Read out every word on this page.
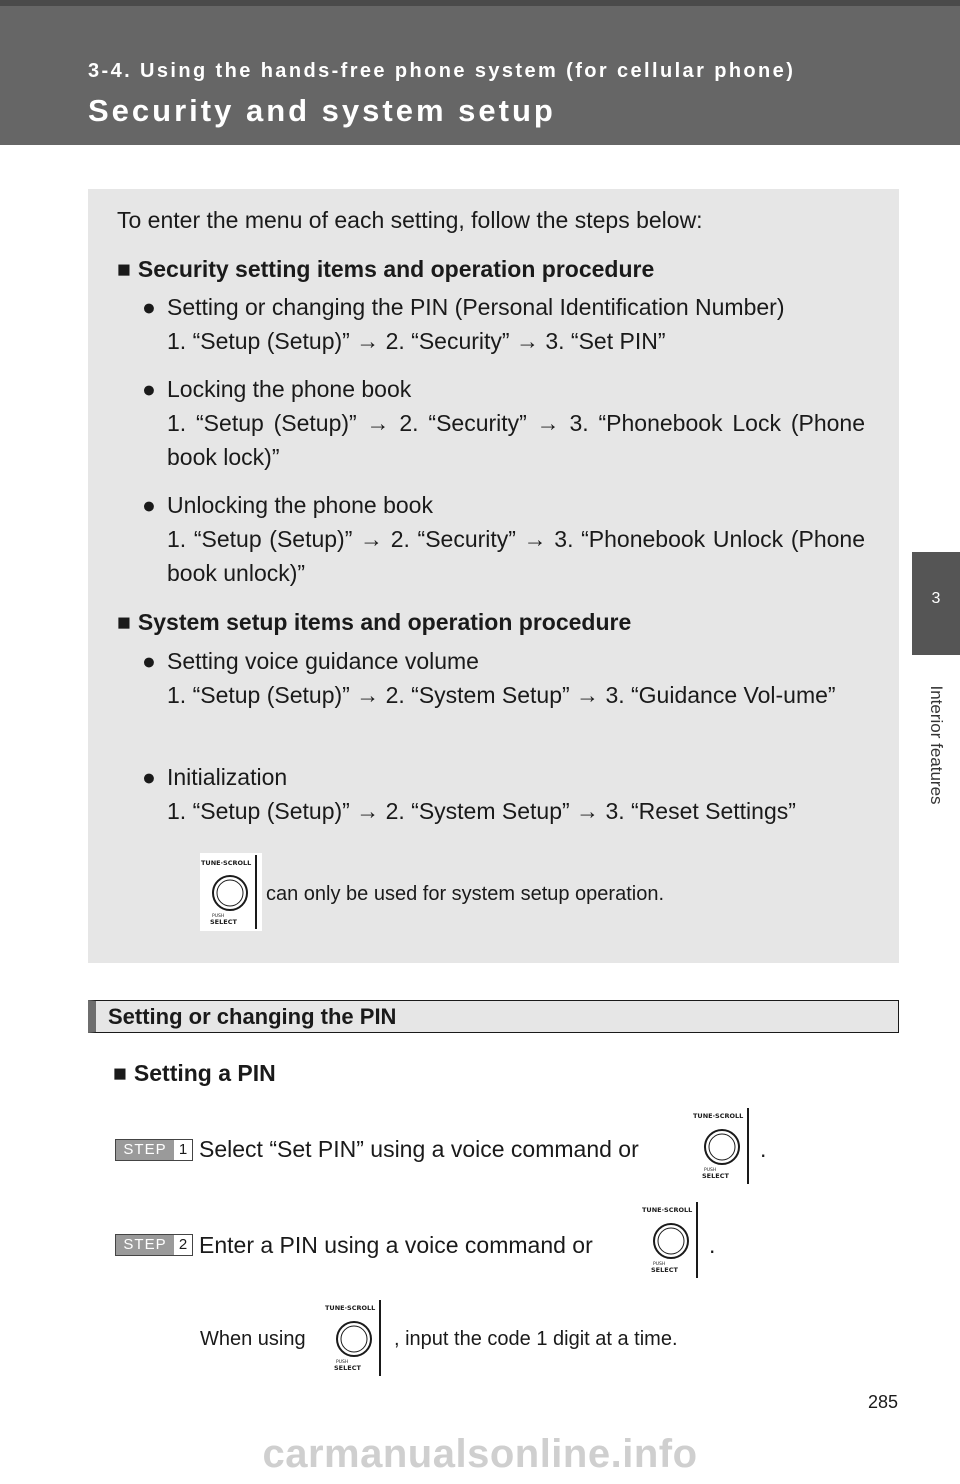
3-4. Using the hands-free phone system (for cellular phone)
Security and system setup
3
Interior features
To enter the menu of each setting, follow the steps below:
■ Security setting items and operation procedure
● Setting or changing the PIN (Personal Identification Number)
1. “Setup (Setup)” → 2. “Security” → 3. “Set PIN”
● Locking the phone book
1. “Setup (Setup)” → 2. “Security” → 3. “Phonebook Lock (Phone book lock)”
● Unlocking the phone book
1. “Setup (Setup)” → 2. “Security” → 3. “Phonebook Unlock (Phone book unlock)”
■ System setup items and operation procedure
● Setting voice guidance volume
1. “Setup (Setup)” → 2. “System Setup” → 3. “Guidance Vol-ume”
● Initialization
1. “Setup (Setup)” → 2. “System Setup” → 3. “Reset Settings”
TUNE·SCROLL
PUSH
SELECT
can only be used for system setup operation.
Setting or changing the PIN
■ Setting a PIN
STEP 1 Select “Set PIN” using a voice command or
TUNE·SCROLL
PUSH
SELECT
.
STEP 2 Enter a PIN using a voice command or
TUNE·SCROLL
PUSH
SELECT
.
When using
TUNE·SCROLL
PUSH
SELECT
, input the code 1 digit at a time.
285
carmanualsonline.info
